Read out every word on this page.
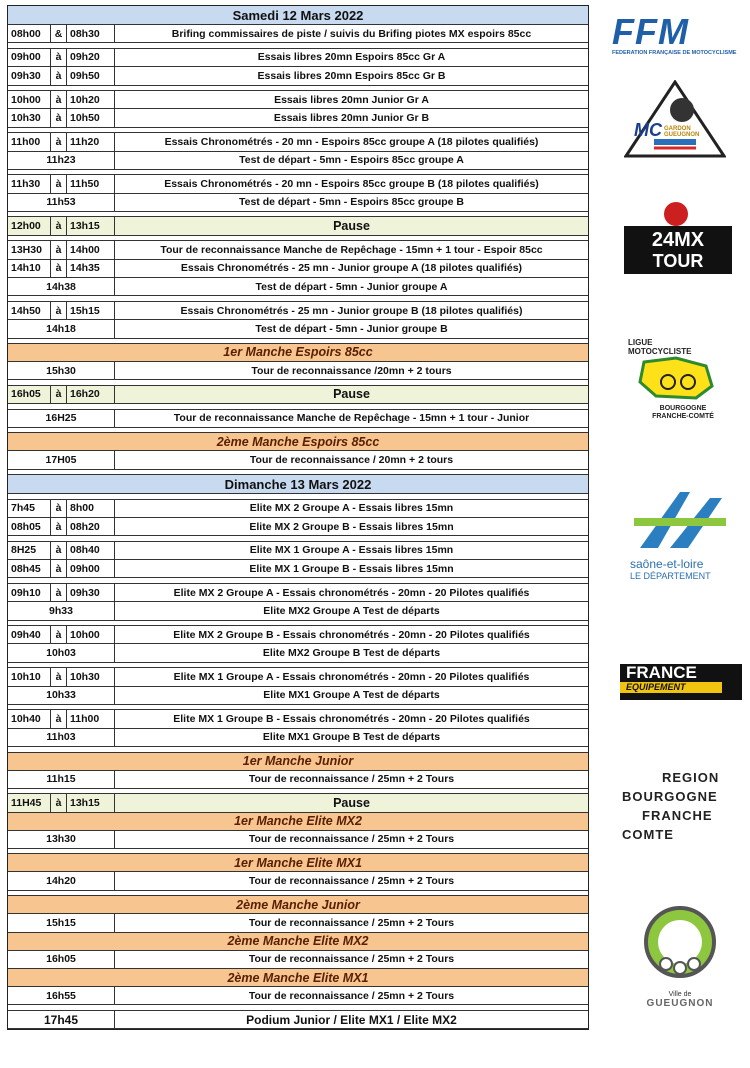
Samedi 12 Mars 2022
08h00	& 08h30	Brifing commissaires de piste / suivis du Brifing piotes MX espoirs 85cc
09h00	à 09h20	Essais libres 20mn Espoirs 85cc Gr A
09h30	à 09h50	Essais libres 20mn Espoirs 85cc Gr B
10h00	à 10h20	Essais libres 20mn Junior Gr A
10h30	à 10h50	Essais libres 20mn Junior Gr B
11h00	à 11h20	Essais Chronométrés - 20 mn - Espoirs 85cc groupe A (18 pilotes qualifiés)
11h23	Test de départ - 5mn - Espoirs 85cc groupe A
11h30	à 11h50	Essais Chronométrés - 20 mn - Espoirs 85cc groupe B (18 pilotes qualifiés)
11h53	Test de départ - 5mn - Espoirs 85cc groupe B
12h00	à 13h15	Pause
13H30	à 14h00	Tour de reconnaissance Manche de Repêchage - 15mn + 1 tour - Espoir 85cc
14h10	à 14h35	Essais Chronométrés - 25 mn - Junior groupe A (18 pilotes qualifiés)
14h38	Test de départ - 5mn - Junior groupe A
14h50	à 15h15	Essais Chronométrés - 25 mn - Junior groupe B (18 pilotes qualifiés)
14h18	Test de départ - 5mn - Junior groupe B
1er Manche Espoirs 85cc
15h30	Tour de reconnaissance /20mn + 2 tours
16h05	à 16h20	Pause
16H25	Tour de reconnaissance Manche de Repêchage - 15mn + 1 tour - Junior
2ème Manche Espoirs 85cc
17H05	Tour de reconnaissance / 20mn + 2 tours
Dimanche 13 Mars 2022
7h45	à 8h00	Elite MX 2 Groupe A - Essais libres 15mn
08h05	à 08h20	Elite MX 2 Groupe B - Essais libres 15mn
8H25	à 08h40	Elite MX 1 Groupe A - Essais libres 15mn
08h45	à 09h00	Elite MX 1 Groupe B - Essais libres 15mn
09h10	à 09h30	Elite MX 2 Groupe A - Essais chronométrés - 20mn - 20 Pilotes qualifiés
9h33	Elite MX2 Groupe A Test de départs
09h40	à 10h00	Elite MX 2 Groupe B - Essais chronométrés - 20mn - 20 Pilotes qualifiés
10h03	Elite MX2 Groupe B Test de départs
10h10	à 10h30	Elite MX 1 Groupe A - Essais chronométrés - 20mn - 20 Pilotes qualifiés
10h33	Elite MX1 Groupe A Test de départs
10h40	à 11h00	Elite MX 1 Groupe B - Essais chronométrés - 20mn - 20 Pilotes qualifiés
11h03	Elite MX1 Groupe B Test de départs
1er Manche Junior
11h15	Tour de reconnaissance / 25mn + 2 Tours
11H45	à 13h15	Pause
1er Manche Elite MX2
13h30	Tour de reconnaissance / 25mn + 2 Tours
1er Manche Elite MX1
14h20	Tour de reconnaissance / 25mn + 2 Tours
2ème Manche Junior
15h15	Tour de reconnaissance / 25mn + 2 Tours
2ème Manche Elite MX2
16h05	Tour de reconnaissance / 25mn + 2 Tours
2ème Manche Elite MX1
16h55	Tour de reconnaissance / 25mn + 2 Tours
17h45	Podium Junior / Elite MX1 / Elite MX2
FFM
FEDERATION FRANÇAISE DE MOTOCYCLISME
MC GARDON GUEUGNON
24MX
TOUR
LIGUE
MOTOCYCLISTE
BOURGOGNE
FRANCHE-COMTÉ
saône-et-loire
LE DÉPARTEMENT
FRANCE
EQUIPEMENT
REGION
BOURGOGNE
FRANCHE
COMTE
Ville de
GUEUGNON
